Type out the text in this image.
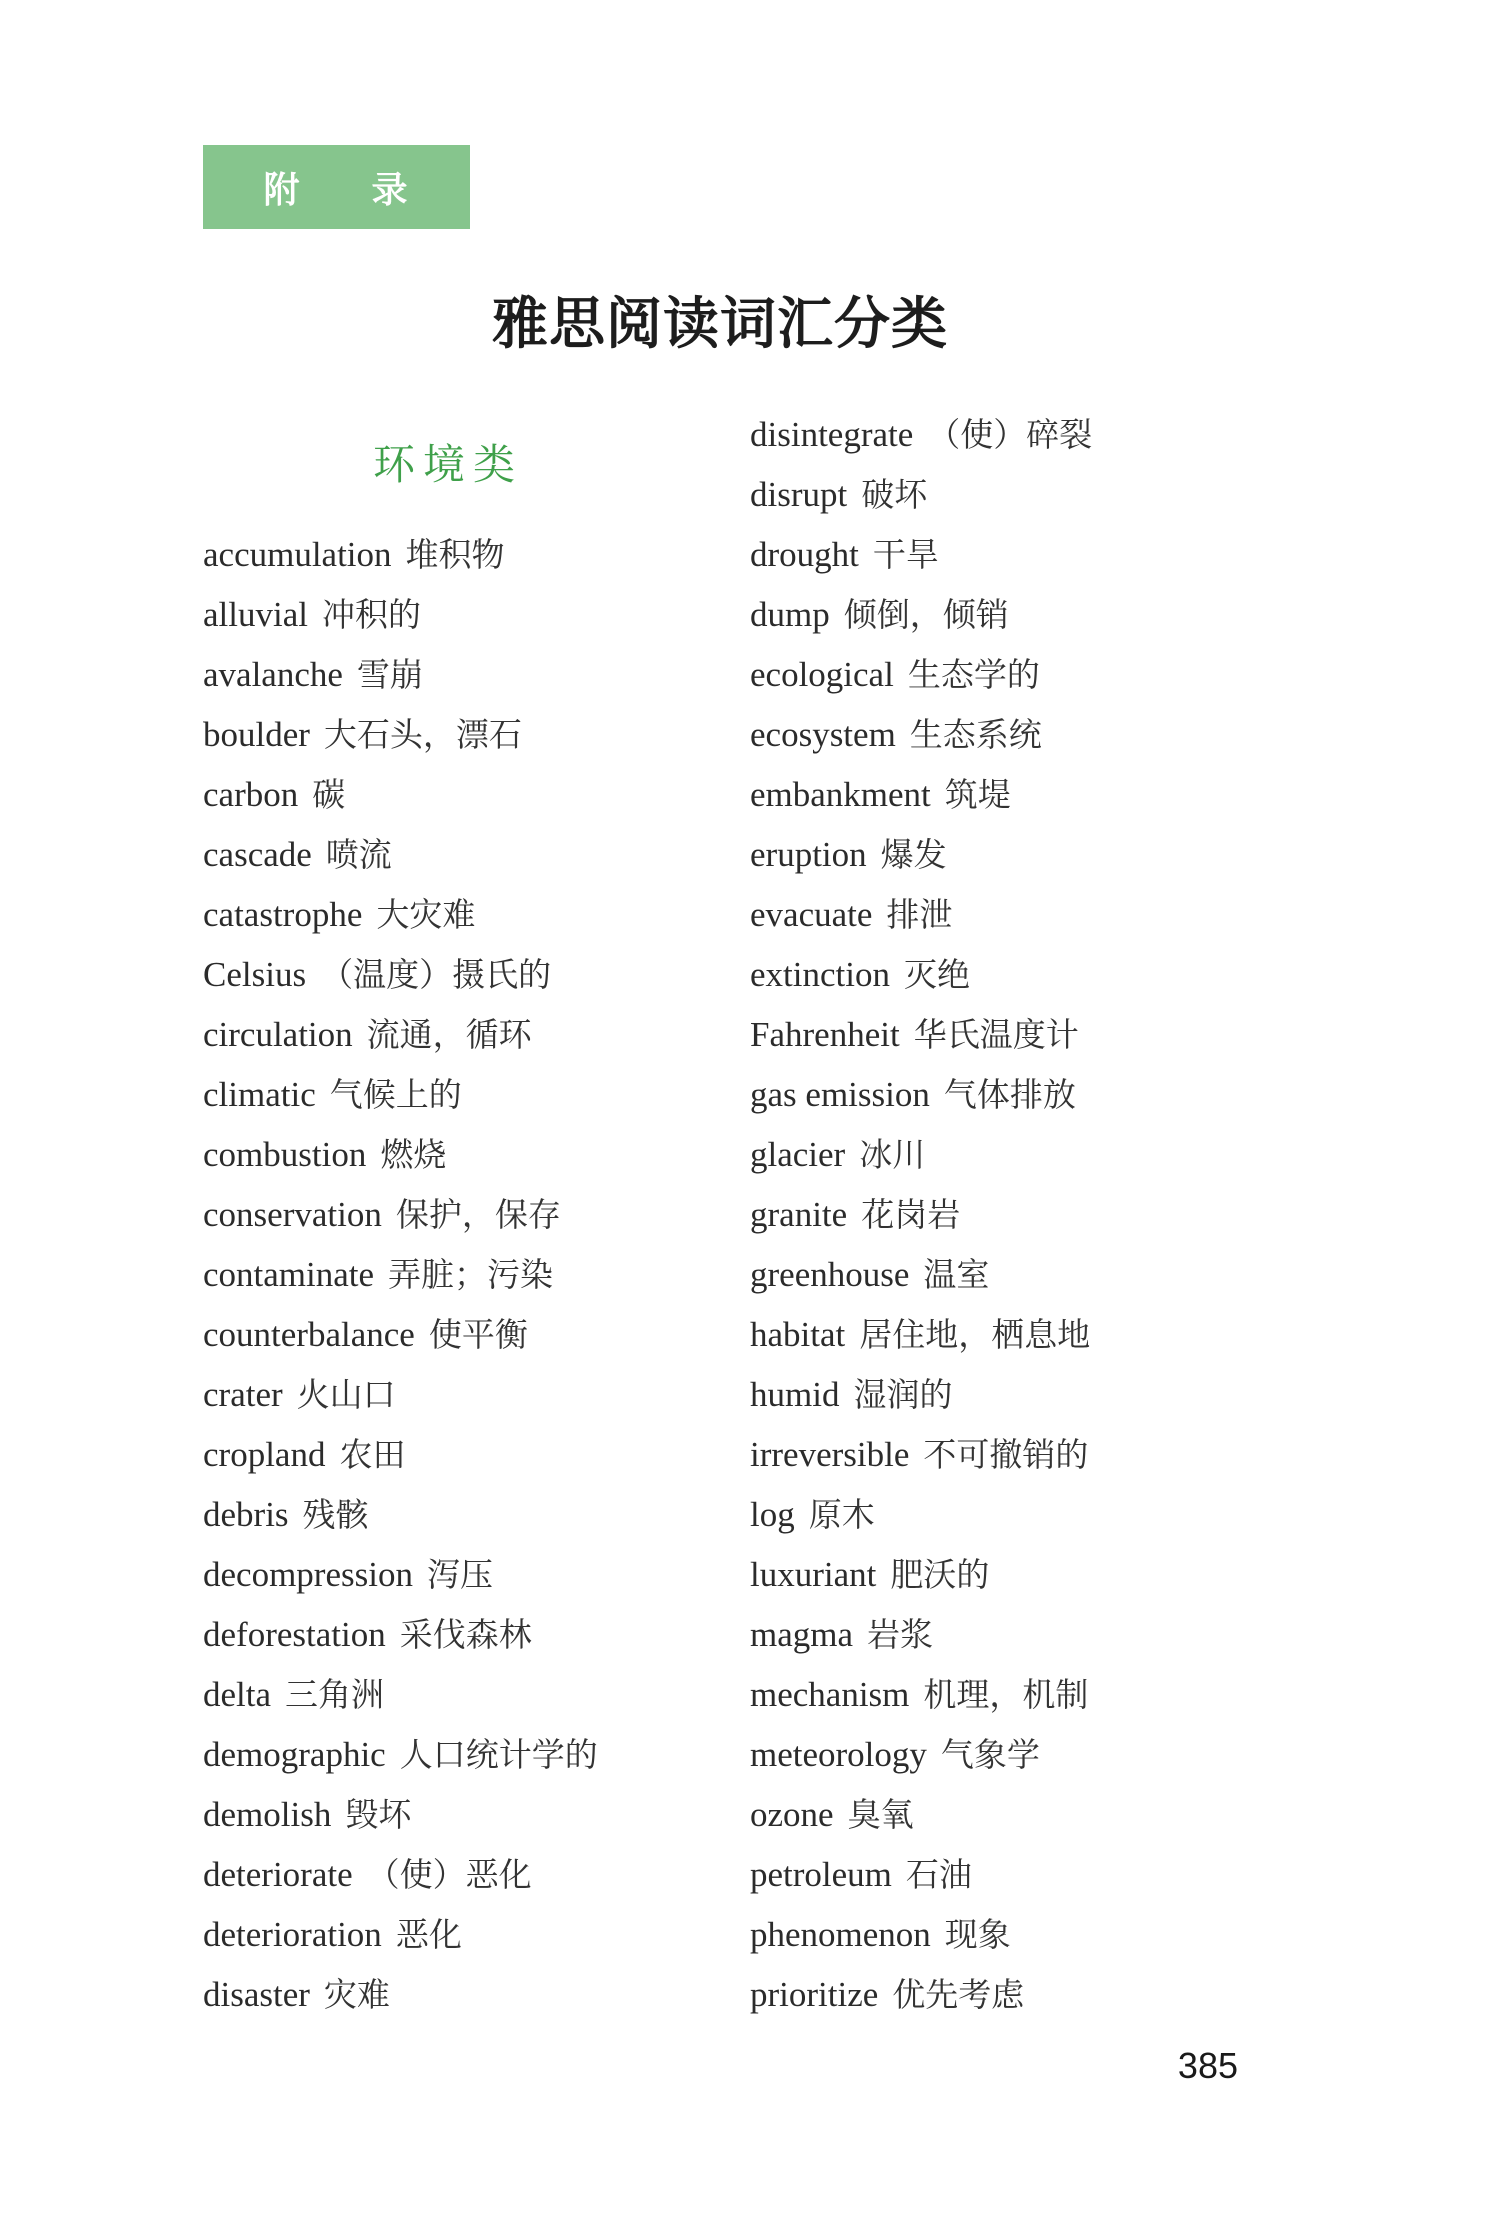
附 录
雅思阅读词汇分类
环境类
accumulation 堆积物
alluvial 冲积的
avalanche 雪崩
boulder 大石头，漂石
carbon 碳
cascade 喷流
catastrophe 大灾难
Celsius （温度）摄氏的
circulation 流通，循环
climatic 气候上的
combustion 燃烧
conservation 保护，保存
contaminate 弄脏；污染
counterbalance 使平衡
crater 火山口
cropland 农田
debris 残骸
decompression 泻压
deforestation 采伐森林
delta 三角洲
demographic 人口统计学的
demolish 毁坏
deteriorate （使）恶化
deterioration 恶化
disaster 灾难
disintegrate （使）碎裂
disrupt 破坏
drought 干旱
dump 倾倒，倾销
ecological 生态学的
ecosystem 生态系统
embankment 筑堤
eruption 爆发
evacuate 排泄
extinction 灭绝
Fahrenheit 华氏温度计
gas emission 气体排放
glacier 冰川
granite 花岗岩
greenhouse 温室
habitat 居住地，栖息地
humid 湿润的
irreversible 不可撤销的
log 原木
luxuriant 肥沃的
magma 岩浆
mechanism 机理，机制
meteorology 气象学
ozone 臭氧
petroleum 石油
phenomenon 现象
prioritize 优先考虑
385
